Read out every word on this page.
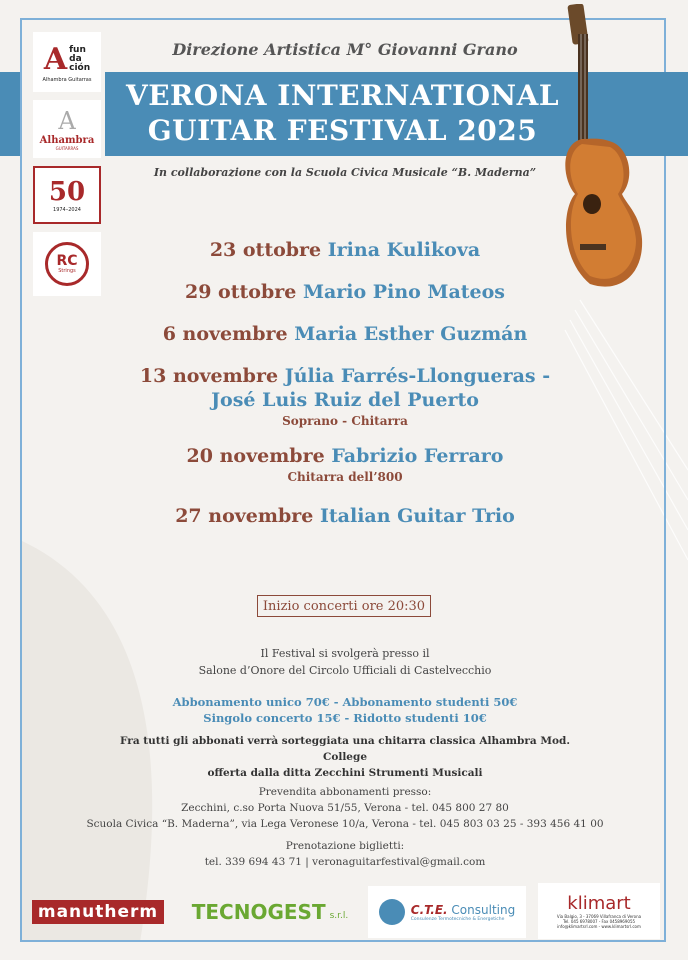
Direzione Artistica M° Giovanni Grano
VERONA INTERNATIONAL
GUITAR FESTIVAL 2025
In collaborazione con la Scuola Civica Musicale “B. Maderna”
A fun
da
ción
Alhambra Guitarras
A
Alhambra
GUITARRAS
50
1974–2024
RC
Strings
23 ottobre Irina Kulikova
29 ottobre Mario Pino Mateos
6 novembre Maria Esther Guzmán
13 novembre Júlia Farrés-Llongueras -
José Luis Ruiz del Puerto
Soprano - Chitarra
20 novembre Fabrizio Ferraro
Chitarra dell’800
27 novembre Italian Guitar Trio
Inizio concerti ore 20:30
Il Festival si svolgerà presso il
Salone d’Onore del Circolo Ufficiali di Castelvecchio
Abbonamento unico 70€ - Abbonamento studenti 50€
Singolo concerto 15€ - Ridotto studenti 10€
Fra tutti gli abbonati verrà sorteggiata una chitarra classica Alhambra Mod. College
offerta dalla ditta Zecchini Strumenti Musicali
Prevendita abbonamenti presso:
Zecchini, c.so Porta Nuova 51/55, Verona - tel. 045 800 27 80
Scuola Civica “B. Maderna”, via Lega Veronese 10/a, Verona - tel. 045 803 03 25 - 393 456 41 00
Prenotazione biglietti:
tel. 339 694 43 71 | veronaguitarfestival@gmail.com
manutherm	TECNOGEST s.r.l.	C.T.E. Consulting
Consulenze Termotecniche & Energetiche
klimart
Via Balgio, 3 - 37069 Villafranca di Verona
Tel. 045 6978007 - Fax 0458969055
info@klimartsrl.com - www.klimartsrl.com
